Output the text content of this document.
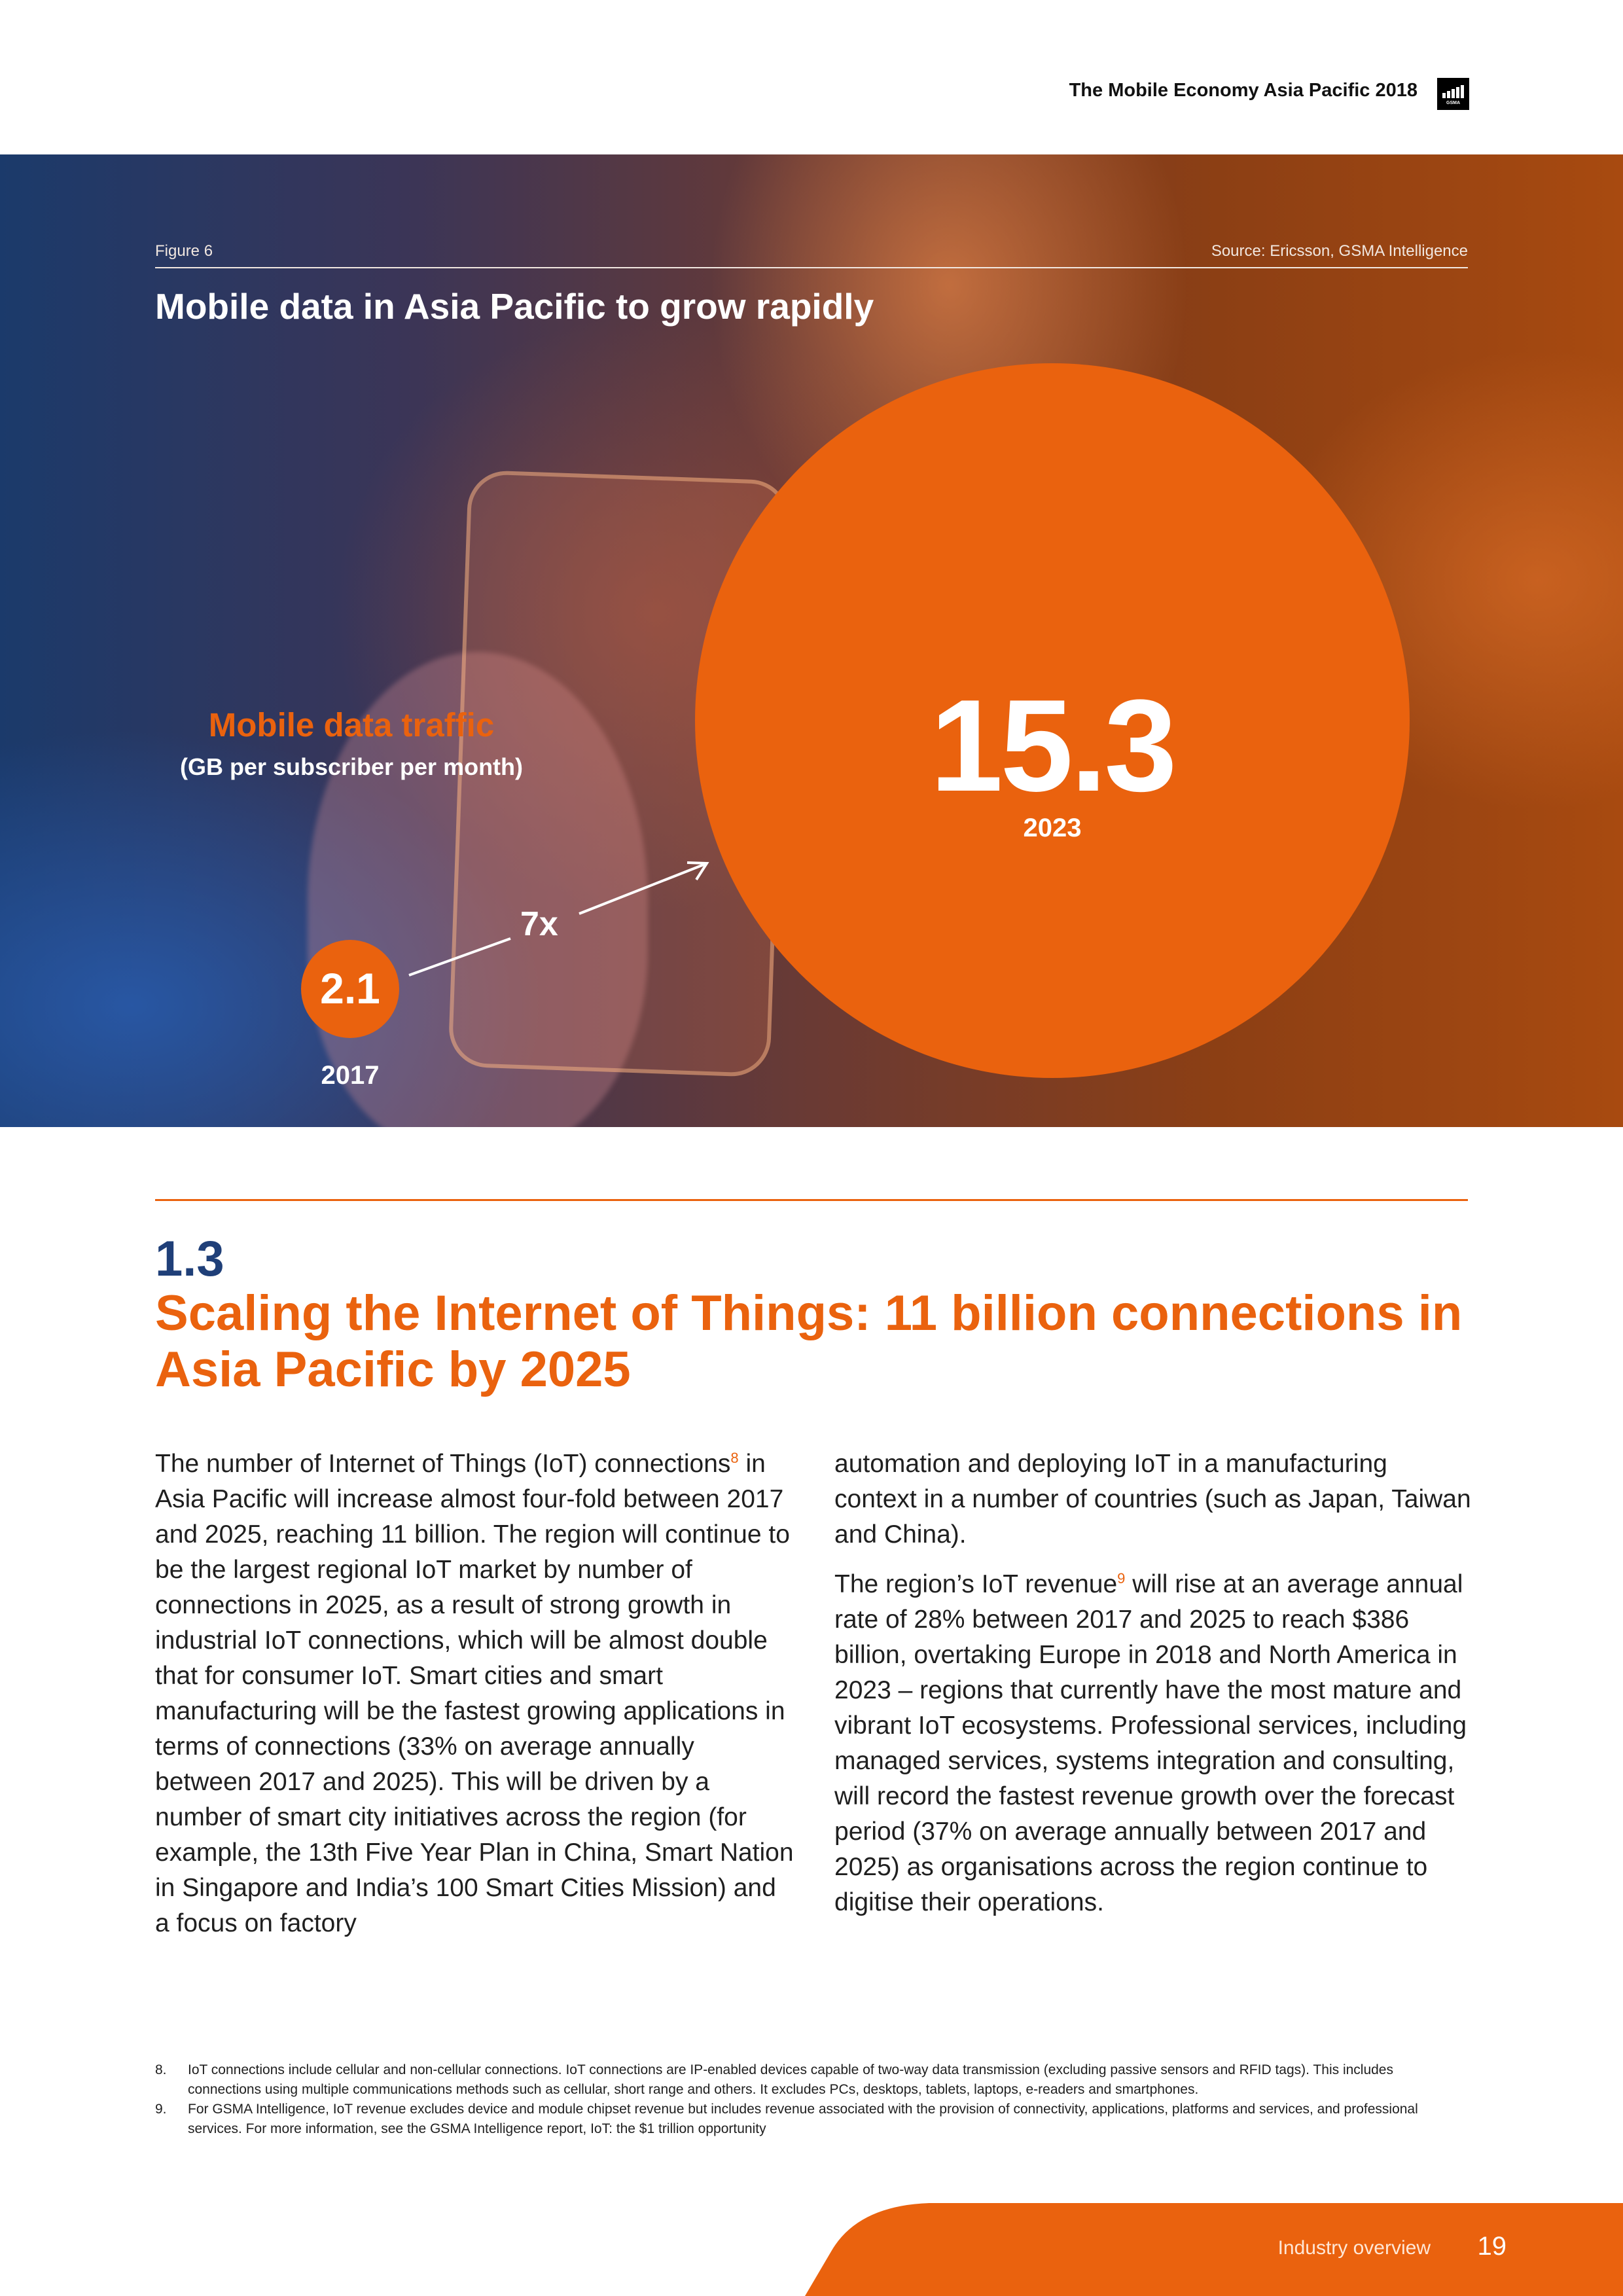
The Mobile Economy Asia Pacific 2018
GSMA
Figure 6	Source: Ericsson, GSMA Intelligence
Mobile data in Asia Pacific to grow rapidly
15.3
2023
Mobile data traffic
(GB per subscriber per month)
7x
2.1
2017
1.3
Scaling the Internet of Things: 11 billion connections in Asia Pacific by 2025

The number of Internet of Things (IoT) connections$^8$ in Asia Pacific will increase almost four-fold between 2017 and 2025, reaching 11 billion. The region will continue to be the largest regional IoT market by number of connections in 2025, as a result of strong growth in industrial IoT connections, which will be almost double that for consumer IoT. Smart cities and smart manufacturing will be the fastest growing applications in terms of connections (33% on average annually between 2017 and 2025). This will be driven by a number of smart city initiatives across the region (for example, the 13th Five Year Plan in China, Smart Nation in Singapore and India’s 100 Smart Cities Mission) and a focus on factory

automation and deploying IoT in a manufacturing context in a number of countries (such as Japan, Taiwan and China).

The region’s IoT revenue$^9$ will rise at an average annual rate of 28% between 2017 and 2025 to reach $386 billion, overtaking Europe in 2018 and North America in 2023 – regions that currently have the most mature and vibrant IoT ecosystems. Professional services, including managed services, systems integration and consulting, will record the fastest revenue growth over the forecast period (37% on average annually between 2017 and 2025) as organisations across the region continue to digitise their operations.

8.	IoT connections include cellular and non-cellular connections. IoT connections are IP-enabled devices capable of two-way data transmission (excluding passive sensors and RFID tags). This includes connections using multiple communications methods such as cellular, short range and others. It excludes PCs, desktops, tablets, laptops, e-readers and smartphones.
9.	For GSMA Intelligence, IoT revenue excludes device and module chipset revenue but includes revenue associated with the provision of connectivity, applications, platforms and services, and professional services. For more information, see the GSMA Intelligence report, IoT: the $1 trillion opportunity
Industry overview 19
